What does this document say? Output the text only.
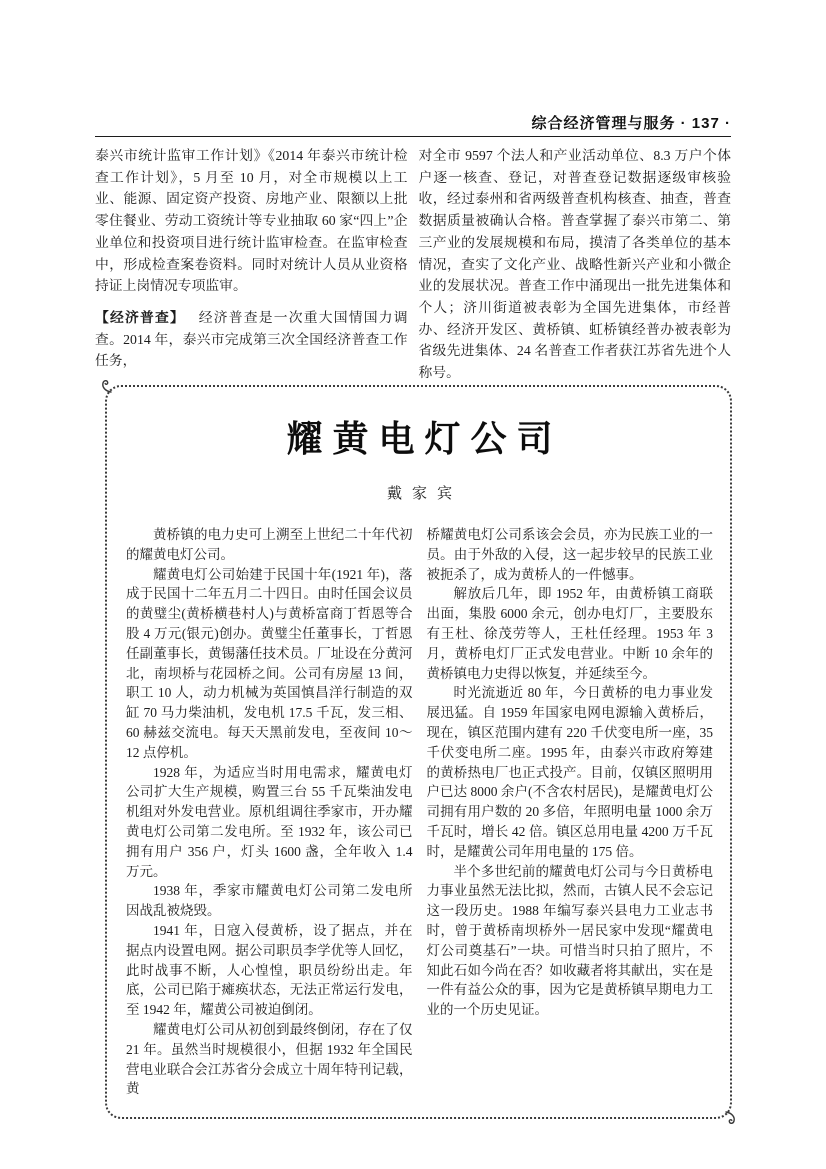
综合经济管理与服务 · 137 ·

泰兴市统计监审工作计划》《2014 年泰兴市统计检查工作计划》，5 月至 10 月，对全市规模以上工业、能源、固定资产投资、房地产业、限额以上批零住餐业、劳动工资统计等专业抽取 60 家“四上”企业单位和投资项目进行统计监审检查。在监审检查中，形成检查案卷资料。同时对统计人员从业资格持证上岗情况专项监审。

【经济普查】 经济普查是一次重大国情国力调查。2014 年，泰兴市完成第三次全国经济普查工作任务，

对全市 9597 个法人和产业活动单位、8.3 万户个体户逐一核查、登记，对普查登记数据逐级审核验收，经过泰州和省两级普查机构核查、抽查，普查数据质量被确认合格。普查掌握了泰兴市第二、第三产业的发展规模和布局，摸清了各类单位的基本情况，查实了文化产业、战略性新兴产业和小微企业的发展状况。普查工作中涌现出一批先进集体和个人；济川街道被表彰为全国先进集体，市经普办、经济开发区、黄桥镇、虹桥镇经普办被表彰为省级先进集体、24 名普查工作者获江苏省先进个人称号。

耀黄电灯公司
戴家宾

黄桥镇的电力史可上溯至上世纪二十年代初的耀黄电灯公司。

耀黄电灯公司始建于民国十年(1921 年)，落成于民国十二年五月二十四日。由时任国会议员的黄璧尘(黄桥横巷村人)与黄桥富商丁哲恩等合股 4 万元(银元)创办。黄璧尘任董事长，丁哲恩任副董事长，黄锡藩任技术员。厂址设在分黄河北，南坝桥与花园桥之间。公司有房屋 13 间，职工 10 人，动力机械为英国慎昌洋行制造的双缸 70 马力柴油机，发电机 17.5 千瓦，发三相、60 赫兹交流电。每天天黑前发电，至夜间 10～12 点停机。

1928 年，为适应当时用电需求，耀黄电灯公司扩大生产规模，购置三台 55 千瓦柴油发电机组对外发电营业。原机组调往季家市，开办耀黄电灯公司第二发电所。至 1932 年，该公司已拥有用户 356 户，灯头 1600 盏，全年收入 1.4 万元。

1938 年，季家市耀黄电灯公司第二发电所因战乱被烧毁。

1941 年，日寇入侵黄桥，设了据点，并在据点内设置电网。据公司职员李学优等人回忆，此时战事不断，人心惶惶，职员纷纷出走。年底，公司已陷于瘫痪状态，无法正常运行发电，至 1942 年，耀黄公司被迫倒闭。

耀黄电灯公司从初创到最终倒闭，存在了仅 21 年。虽然当时规模很小，但据 1932 年全国民营电业联合会江苏省分会成立十周年特刊记载，黄

桥耀黄电灯公司系该会会员，亦为民族工业的一员。由于外敌的入侵，这一起步较早的民族工业被扼杀了，成为黄桥人的一件憾事。

解放后几年，即 1952 年，由黄桥镇工商联出面，集股 6000 余元，创办电灯厂，主要股东有王杜、徐茂劳等人，王杜任经理。1953 年 3 月，黄桥电灯厂正式发电营业。中断 10 余年的黄桥镇电力史得以恢复，并延续至今。

时光流逝近 80 年，今日黄桥的电力事业发展迅猛。自 1959 年国家电网电源输入黄桥后，现在，镇区范围内建有 220 千伏变电所一座，35 千伏变电所二座。1995 年，由泰兴市政府筹建的黄桥热电厂也正式投产。目前，仅镇区照明用户已达 8000 余户(不含农村居民)，是耀黄电灯公司拥有用户数的 20 多倍，年照明电量 1000 余万千瓦时，增长 42 倍。镇区总用电量 4200 万千瓦时，是耀黄公司年用电量的 175 倍。

半个多世纪前的耀黄电灯公司与今日黄桥电力事业虽然无法比拟，然而，古镇人民不会忘记这一段历史。1988 年编写泰兴县电力工业志书时，曾于黄桥南坝桥外一居民家中发现“耀黄电灯公司奠基石”一块。可惜当时只拍了照片，不知此石如今尚在否？如收藏者将其献出，实在是一件有益公众的事，因为它是黄桥镇早期电力工业的一个历史见证。
